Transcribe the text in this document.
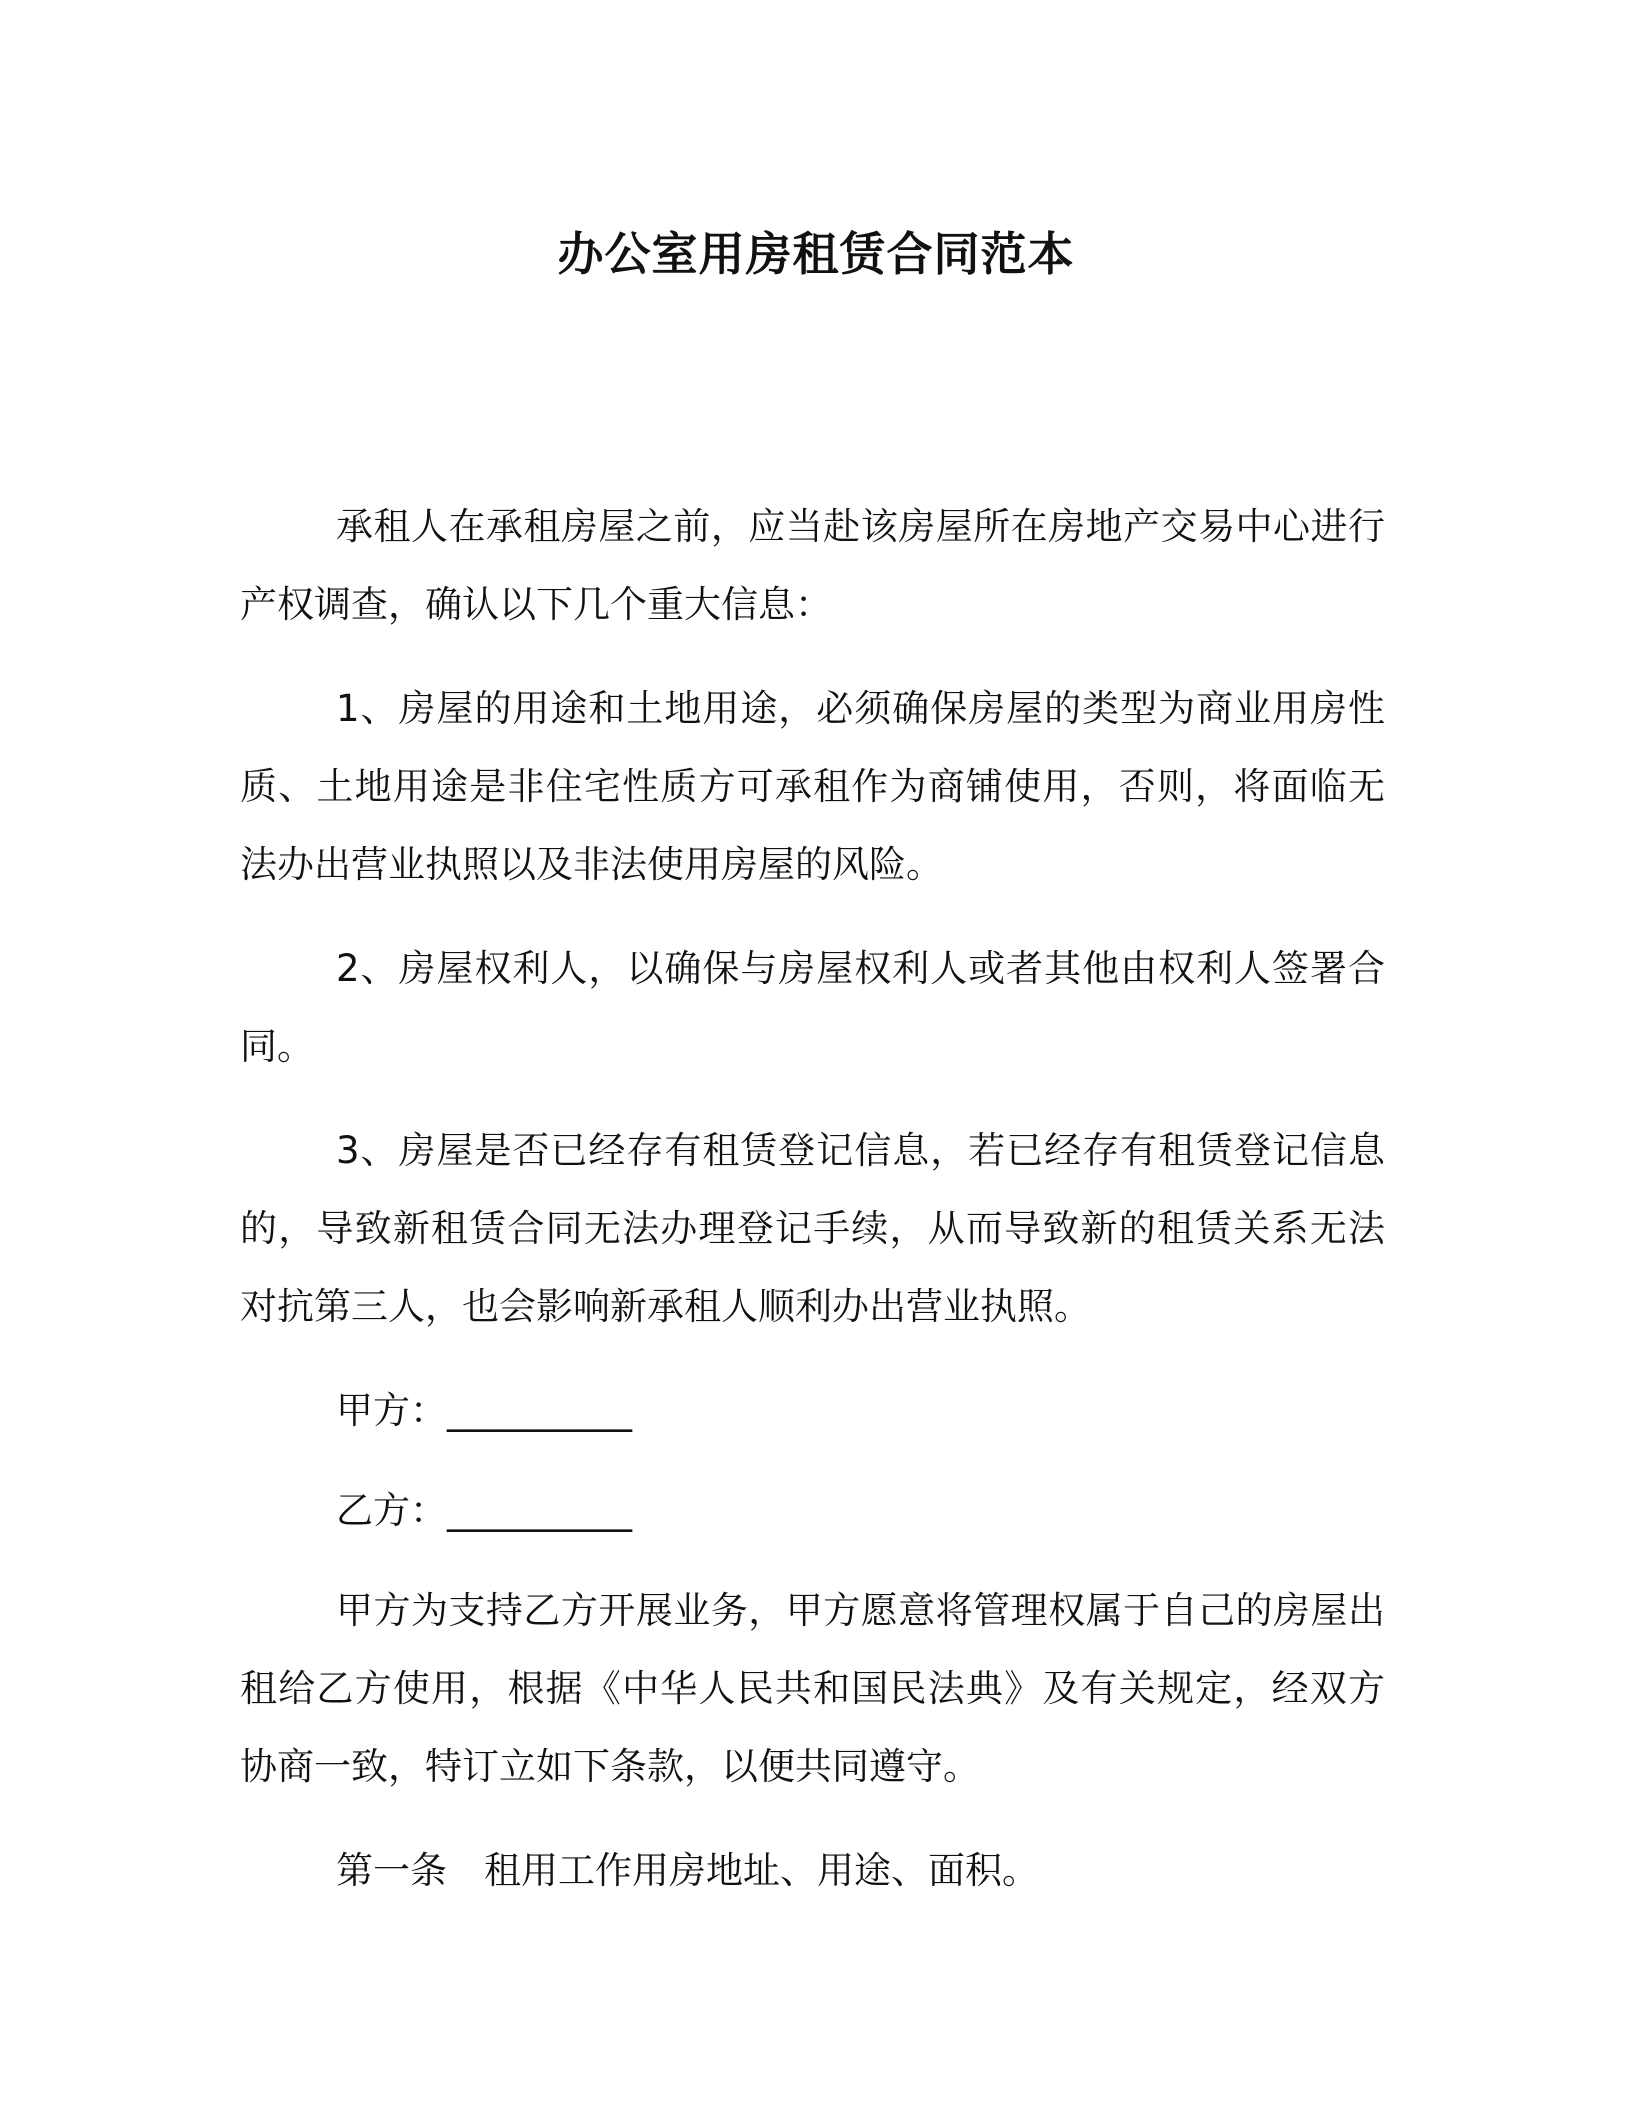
办公室用房租赁合同范本

承租人在承租房屋之前，应当赴该房屋所在房地产交易中心进行产权调查，确认以下几个重大信息：

1、房屋的用途和土地用途，必须确保房屋的类型为商业用房性质、土地用途是非住宅性质方可承租作为商铺使用，否则，将面临无法办出营业执照以及非法使用房屋的风险。

2、房屋权利人，以确保与房屋权利人或者其他由权利人签署合同。

3、房屋是否已经存有租赁登记信息，若已经存有租赁登记信息的，导致新租赁合同无法办理登记手续，从而导致新的租赁关系无法对抗第三人，也会影响新承租人顺利办出营业执照。

甲方：__________

乙方：__________

甲方为支持乙方开展业务，甲方愿意将管理权属于自己的房屋出租给乙方使用，根据《中华人民共和国民法典》及有关规定，经双方协商一致，特订立如下条款，以便共同遵守。

第一条　租用工作用房地址、用途、面积。
